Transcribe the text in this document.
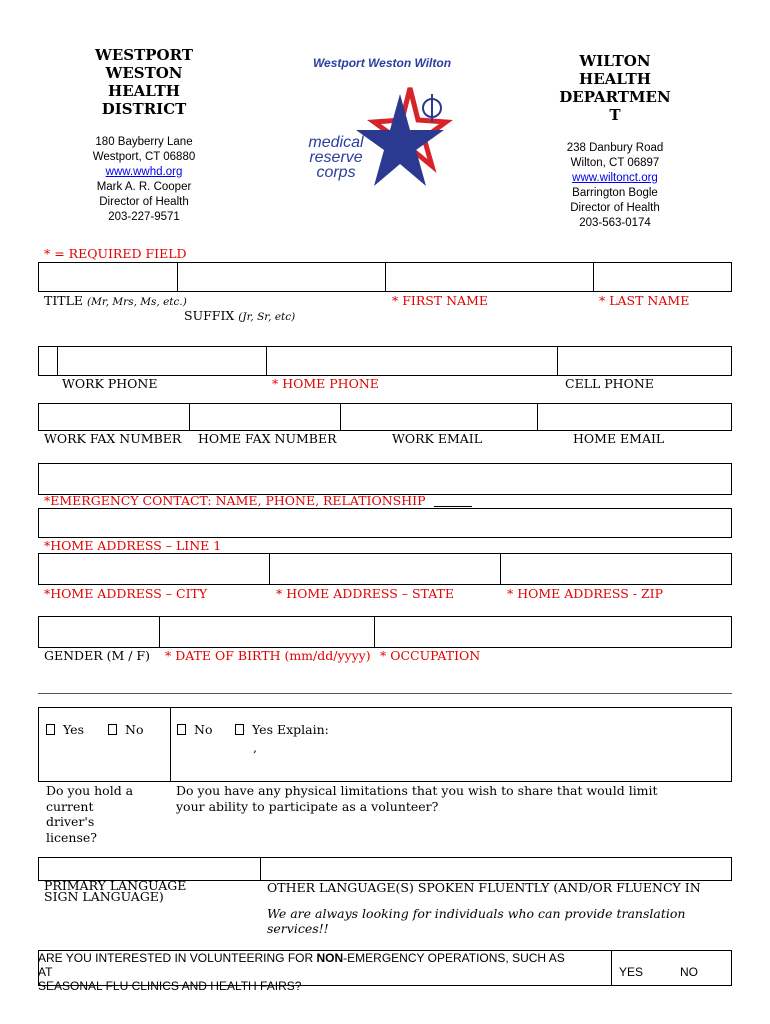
WESTPORT
WESTON
HEALTH
DISTRICT
180 Bayberry Lane
Westport, CT 06880
www.wwhd.org
Mark A. R. Cooper
Director of Health
203-227-9571
Westport Weston Wilton
medical
reserve
corps
WILTON
HEALTH
DEPARTMEN
T
238 Danbury Road
Wilton, CT 06897
www.wiltonct.org
Barrington Bogle
Director of Health
203-563-0174
* = REQUIRED FIELD
TITLE (Mr, Mrs, Ms, etc.)
SUFFIX (Jr, Sr, etc)
* FIRST NAME	* LAST NAME
WORK PHONE	* HOME PHONE	CELL PHONE
WORK FAX NUMBER HOME FAX NUMBER	WORK EMAIL	HOME EMAIL
*EMERGENCY CONTACT: NAME, PHONE, RELATIONSHIP
*HOME ADDRESS – LINE 1
*HOME ADDRESS – CITY	* HOME ADDRESS – STATE	* HOME ADDRESS - ZIP
GENDER (M / F) * DATE OF BIRTH (mm/dd/yyyy) * OCCUPATION
Yes	No	No	Yes Explain:
,
Do you hold a
current
driver's
license?
Do you have any physical limitations that you wish to share that would limit
your ability to participate as a volunteer?
PRIMARY LANGUAGE
SIGN LANGUAGE)
OTHER LANGUAGE(S) SPOKEN FLUENTLY (AND/OR FLUENCY IN
We are always looking for individuals who can provide translation
services!!
ARE YOU INTERESTED IN VOLUNTEERING FOR NON-EMERGENCY OPERATIONS, SUCH AS
AT
SEASONAL FLU CLINICS AND HEALTH FAIRS?
YES	NO
